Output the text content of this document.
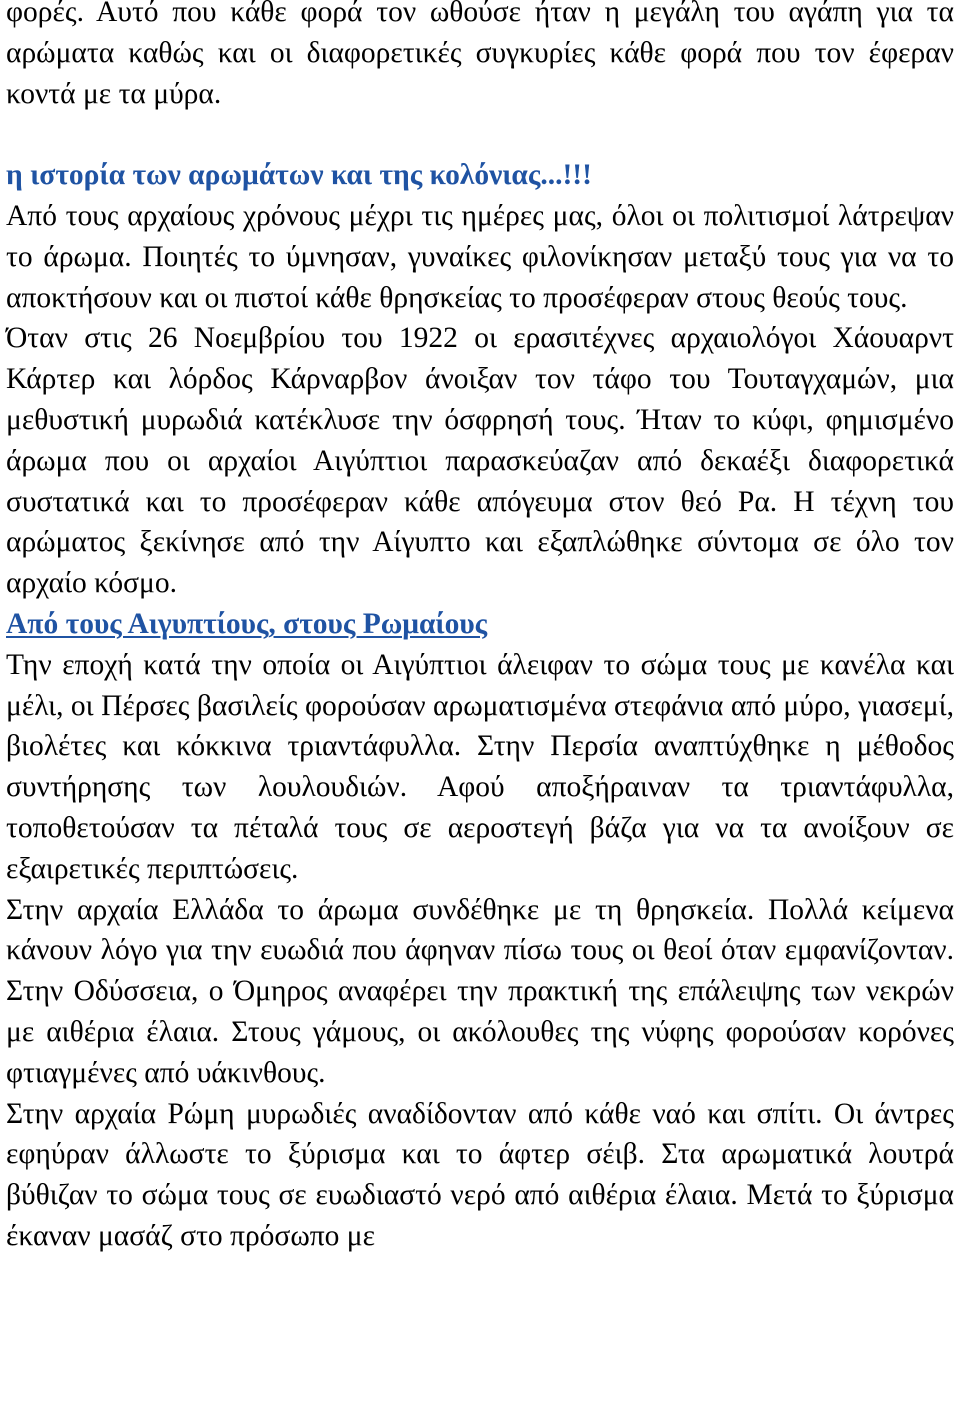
φορές. Αυτό που κάθε φορά τον ωθούσε ήταν η μεγάλη του αγάπη για τα αρώματα καθώς και οι διαφορετικές συγκυρίες κάθε φορά που τον έφεραν κοντά με τα μύρα.

η ιστορία των αρωμάτων και της κολόνιας...!!!

Από τους αρχαίους χρόνους μέχρι τις ημέρες μας, όλοι οι πολιτισμοί λάτρεψαν το άρωμα. Ποιητές το ύμνησαν, γυναίκες φιλονίκησαν μεταξύ τους για να το αποκτήσουν και οι πιστοί κάθε θρησκείας το προσέφεραν στους θεούς τους.

Όταν στις 26 Νοεμβρίου του 1922 οι ερασιτέχνες αρχαιολόγοι Χάουαρντ Κάρτερ και λόρδος Κάρναρβον άνοιξαν τον τάφο του Τουταγχαμών, μια μεθυστική μυρωδιά κατέκλυσε την όσφρησή τους. Ήταν το κύφι, φημισμένο άρωμα που οι αρχαίοι Αιγύπτιοι παρασκεύαζαν από δεκαέξι διαφορετικά συστατικά και το προσέφεραν κάθε απόγευμα στον θεό Ρα. Η τέχνη του αρώματος ξεκίνησε από την Αίγυπτο και εξαπλώθηκε σύντομα σε όλο τον αρχαίο κόσμο.

Από τους Αιγυπτίους, στους Ρωμαίους

Την εποχή κατά την οποία οι Αιγύπτιοι άλειφαν το σώμα τους με κανέλα και μέλι, οι Πέρσες βασιλείς φορούσαν αρωματισμένα στεφάνια από μύρο, γιασεμί, βιολέτες και κόκκινα τριαντάφυλλα. Στην Περσία αναπτύχθηκε η μέθοδος συντήρησης των λουλουδιών. Αφού αποξήραιναν τα τριαντάφυλλα, τοποθετούσαν τα πέταλά τους σε αεροστεγή βάζα για να τα ανοίξουν σε εξαιρετικές περιπτώσεις.

Στην αρχαία Ελλάδα το άρωμα συνδέθηκε με τη θρησκεία. Πολλά κείμενα κάνουν λόγο για την ευωδιά που άφηναν πίσω τους οι θεοί όταν εμφανίζονταν. Στην Οδύσσεια, ο Όμηρος αναφέρει την πρακτική της επάλειψης των νεκρών με αιθέρια έλαια. Στους γάμους, οι ακόλουθες της νύφης φορούσαν κορόνες φτιαγμένες από υάκινθους.

Στην αρχαία Ρώμη μυρωδιές αναδίδονταν από κάθε ναό και σπίτι. Οι άντρες εφηύραν άλλωστε το ξύρισμα και το άφτερ σέιβ. Στα αρωματικά λουτρά βύθιζαν το σώμα τους σε ευωδιαστό νερό από αιθέρια έλαια. Μετά το ξύρισμα έκαναν μασάζ στο πρόσωπο με
